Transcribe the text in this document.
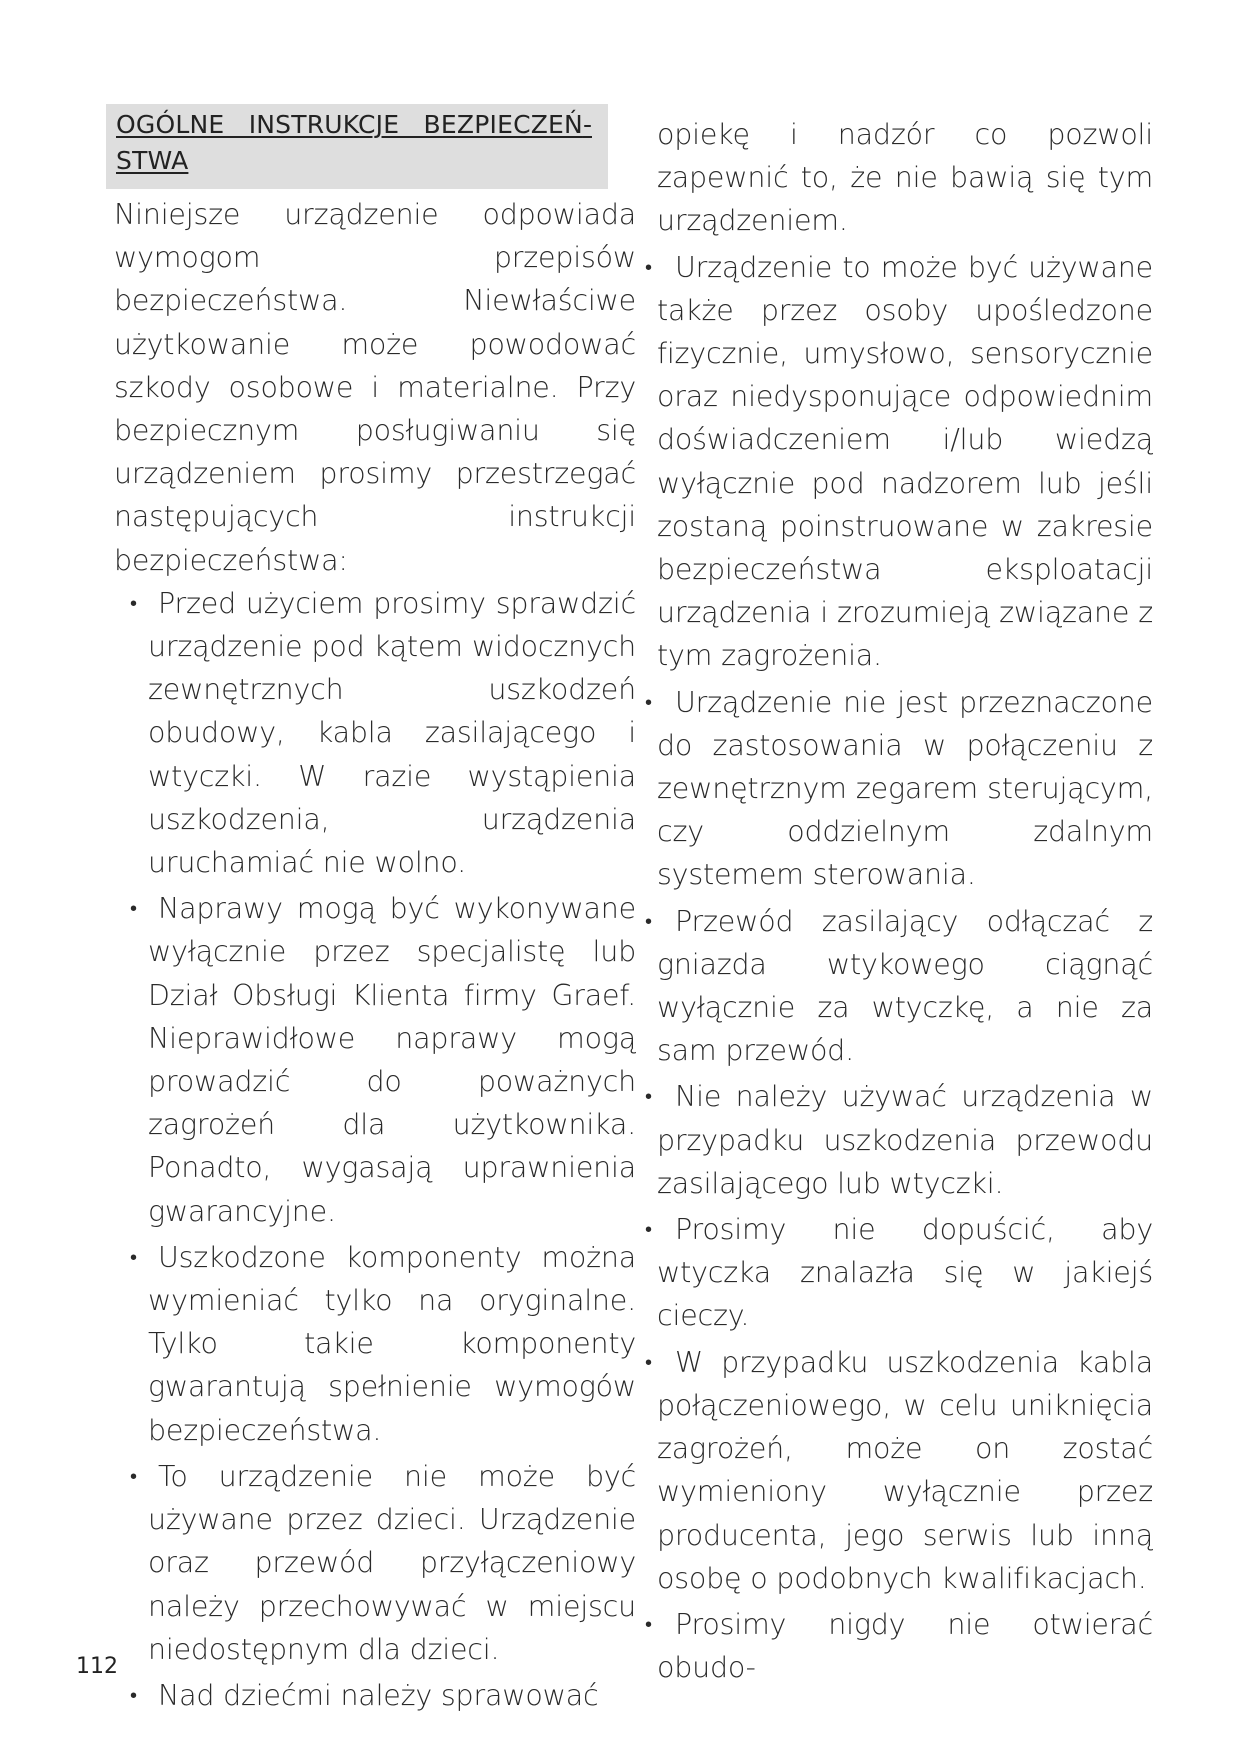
OGÓLNE INSTRUKCJE BEZPIECZEŃSTWA

Niniejsze urządzenie odpowiada wymogom przepisów bezpieczeństwa. Niewłaściwe użytkowanie może powodować szkody osobowe i materialne. Przy bezpiecznym posługiwaniu się urządzeniem prosimy przestrzegać następujących instrukcji bezpieczeństwa:

• Przed użyciem prosimy sprawdzić urządzenie pod kątem widocznych zewnętrznych uszkodzeń obudowy, kabla zasilającego i wtyczki. W razie wystąpienia uszkodzenia, urządzenia uruchamiać nie wolno.
• Naprawy mogą być wykonywane wyłącznie przez specjalistę lub Dział Obsługi Klienta firmy Graef. Nieprawidłowe naprawy mogą prowadzić do poważnych zagrożeń dla użytkownika. Ponadto, wygasają uprawnienia gwarancyjne.
• Uszkodzone komponenty można wymieniać tylko na oryginalne. Tylko takie komponenty gwarantują spełnienie wymogów bezpieczeństwa.
• To urządzenie nie może być używane przez dzieci. Urządzenie oraz przewód przyłączeniowy należy przechowywać w miejscu niedostępnym dla dzieci.
• Nad dziećmi należy sprawować

opiekę i nadzór co pozwoli zapewnić to, że nie bawią się tym urządzeniem.

• Urządzenie to może być używane także przez osoby upośledzone fizycznie, umysłowo, sensorycznie oraz niedysponujące odpowiednim doświadczeniem i/lub wiedzą wyłącznie pod nadzorem lub jeśli zostaną poinstruowane w zakresie bezpieczeństwa eksploatacji urządzenia i zrozumieją związane z tym zagrożenia.
• Urządzenie nie jest przeznaczone do zastosowania w połączeniu z zewnętrznym zegarem sterującym, czy oddzielnym zdalnym systemem sterowania.
• Przewód zasilający odłączać z gniazda wtykowego ciągnąć wyłącznie za wtyczkę, a nie za sam przewód.
• Nie należy używać urządzenia w przypadku uszkodzenia przewodu zasilającego lub wtyczki.
• Prosimy nie dopuścić, aby wtyczka znalazła się w jakiejś cieczy.
• W przypadku uszkodzenia kabla połączeniowego, w celu uniknięcia zagrożeń, może on zostać wymieniony wyłącznie przez producenta, jego serwis lub inną osobę o podobnych kwalifikacjach.
• Prosimy nigdy nie otwierać obudo-
112
